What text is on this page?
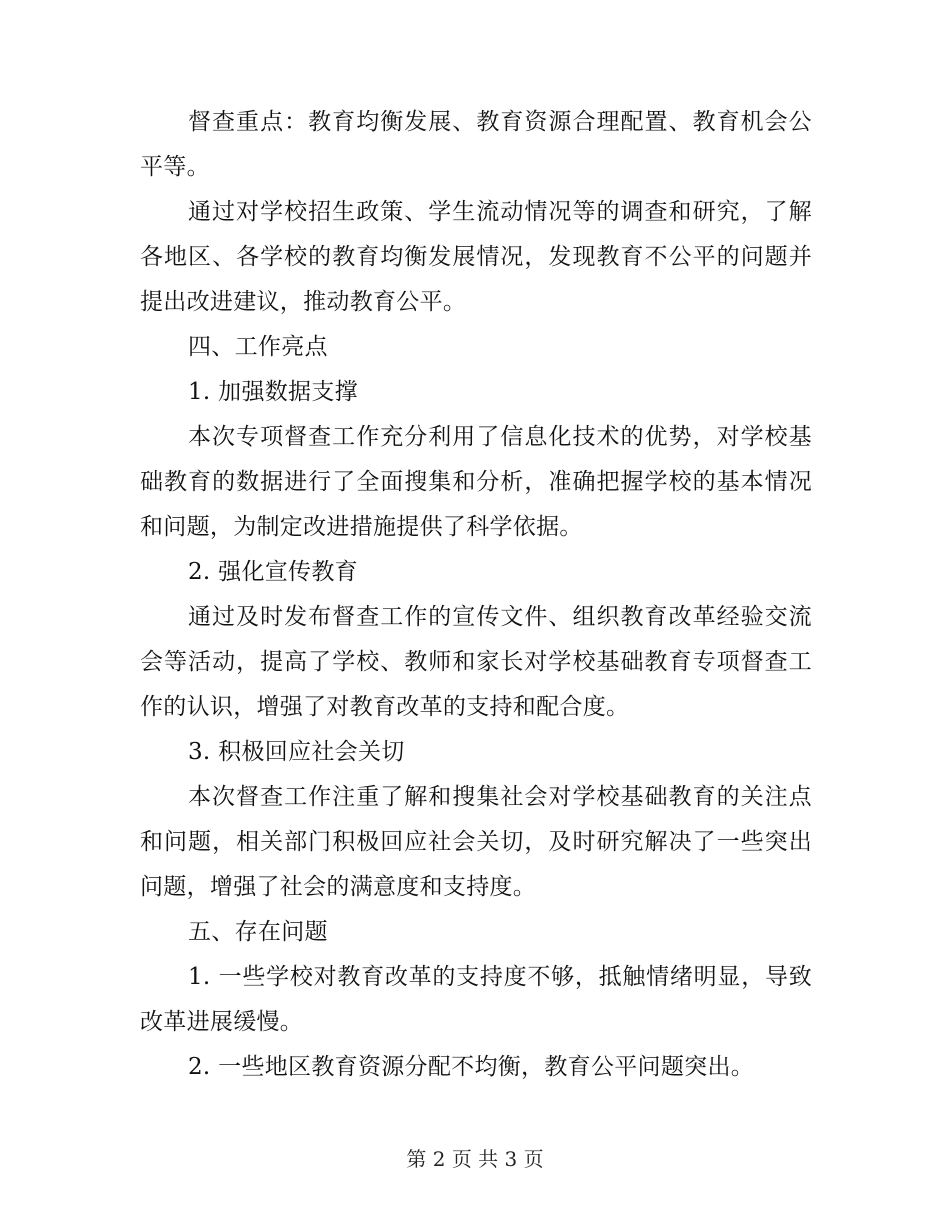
督查重点：教育均衡发展、教育资源合理配置、教育机会公平等。

通过对学校招生政策、学生流动情况等的调查和研究，了解各地区、各学校的教育均衡发展情况，发现教育不公平的问题并提出改进建议，推动教育公平。

四、工作亮点

1. 加强数据支撑

本次专项督查工作充分利用了信息化技术的优势，对学校基础教育的数据进行了全面搜集和分析，准确把握学校的基本情况和问题，为制定改进措施提供了科学依据。

2. 强化宣传教育

通过及时发布督查工作的宣传文件、组织教育改革经验交流会等活动，提高了学校、教师和家长对学校基础教育专项督查工作的认识，增强了对教育改革的支持和配合度。

3. 积极回应社会关切

本次督查工作注重了解和搜集社会对学校基础教育的关注点和问题，相关部门积极回应社会关切，及时研究解决了一些突出问题，增强了社会的满意度和支持度。

五、存在问题

1. 一些学校对教育改革的支持度不够，抵触情绪明显，导致改革进展缓慢。

2. 一些地区教育资源分配不均衡，教育公平问题突出。

第 2 页 共 3 页
